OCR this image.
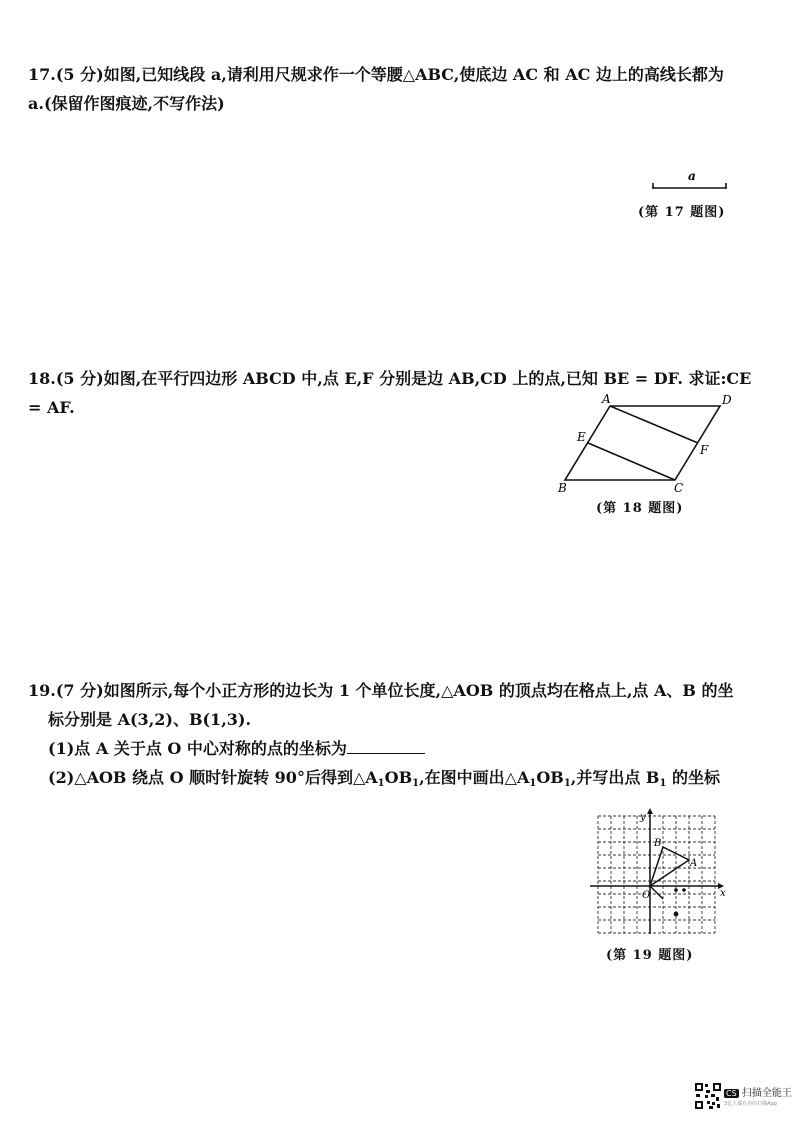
17.(5 分)如图,已知线段 a,请利用尺规求作一个等腰△ABC,使底边 AC 和 AC 边上的高线长都为
a.(保留作图痕迹,不写作法)
a
(第 17 题图)
18.(5 分)如图,在平行四边形 ABCD 中,点 E,F 分别是边 AB,CD 上的点,已知 BE = DF. 求证:CE = AF.	A	D
E
F
B	C
(第 18 题图)
19.(7 分)如图所示,每个小正方形的边长为 1 个单位长度,△AOB 的顶点均在格点上,点 A、B 的坐
标分别是 A(3,2)、B(1,3).
(1)点 A 关于点 O 中心对称的点的坐标为
(2)△AOB 绕点 O 顺时针旋转 90°后得到$\triangle A_1OB_1$,在图中画出$\triangle A_1OB_1$,并写出点 $B_1$ 的坐标
x
y
O
A
B
(第 19 题图)
CS 扫描全能王
3亿人都在用的扫描App
